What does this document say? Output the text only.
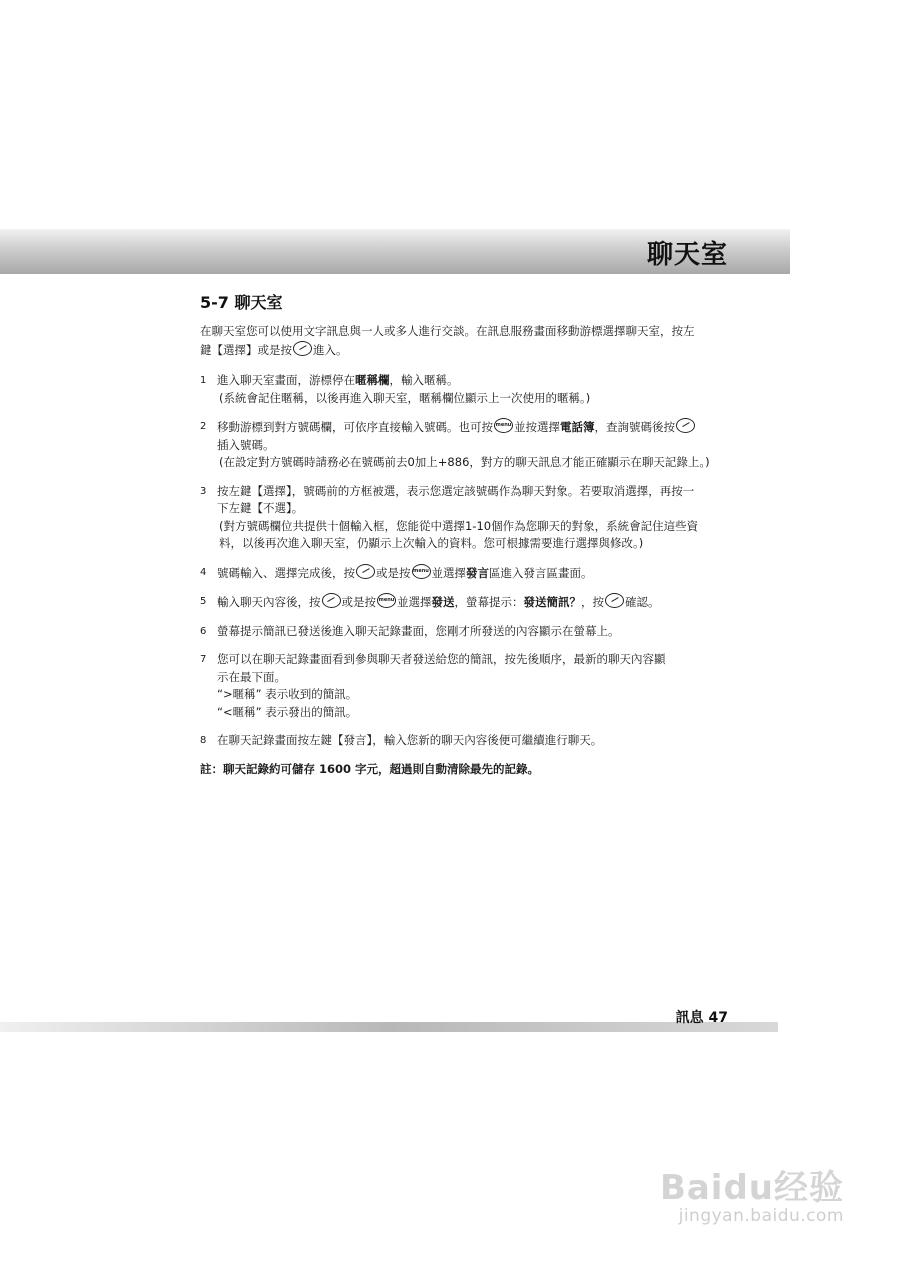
聊天室
5-7 聊天室
在聊天室您可以使用文字訊息與一人或多人進行交談。在訊息服務畫面移動游標選擇聊天室，按左
鍵【選擇】或是按 進入。
1 進入聊天室畫面，游標停在暱稱欄，輸入暱稱。
(系統會記住暱稱，以後再進入聊天室，暱稱欄位顯示上一次使用的暱稱。)
2 移動游標到對方號碼欄，可依序直接輸入號碼。也可按 menu 並按選擇電話簿，查詢號碼後按
插入號碼。
(在設定對方號碼時請務必在號碼前去0加上+886，對方的聊天訊息才能正確顯示在聊天記錄上。)
3 按左鍵【選擇】，號碼前的方框被選，表示您選定該號碼作為聊天對象。若要取消選擇，再按一
下左鍵【不選】。
(對方號碼欄位共提供十個輸入框，您能從中選擇1-10個作為您聊天的對象，系統會記住這些資
料，以後再次進入聊天室，仍顯示上次輸入的資料。您可根據需要進行選擇與修改。)
4 號碼輸入、選擇完成後，按 或是按 menu 並選擇發言區進入發言區畫面。
5 輸入聊天內容後，按 或是按 menu 並選擇發送，螢幕提示：發送簡訊？，按 確認。
6 螢幕提示簡訊已發送後進入聊天記錄畫面，您剛才所發送的內容顯示在螢幕上。
7 您可以在聊天記錄畫面看到參與聊天者發送給您的簡訊，按先後順序，最新的聊天內容顯
示在最下面。
“>暱稱” 表示收到的簡訊。
“<暱稱” 表示發出的簡訊。
8 在聊天記錄畫面按左鍵【發言】，輸入您新的聊天內容後便可繼續進行聊天。
註：聊天記錄約可儲存 1600 字元，超過則自動清除最先的記錄。
訊息 47
Baidu经验
jingyan.baidu.com
